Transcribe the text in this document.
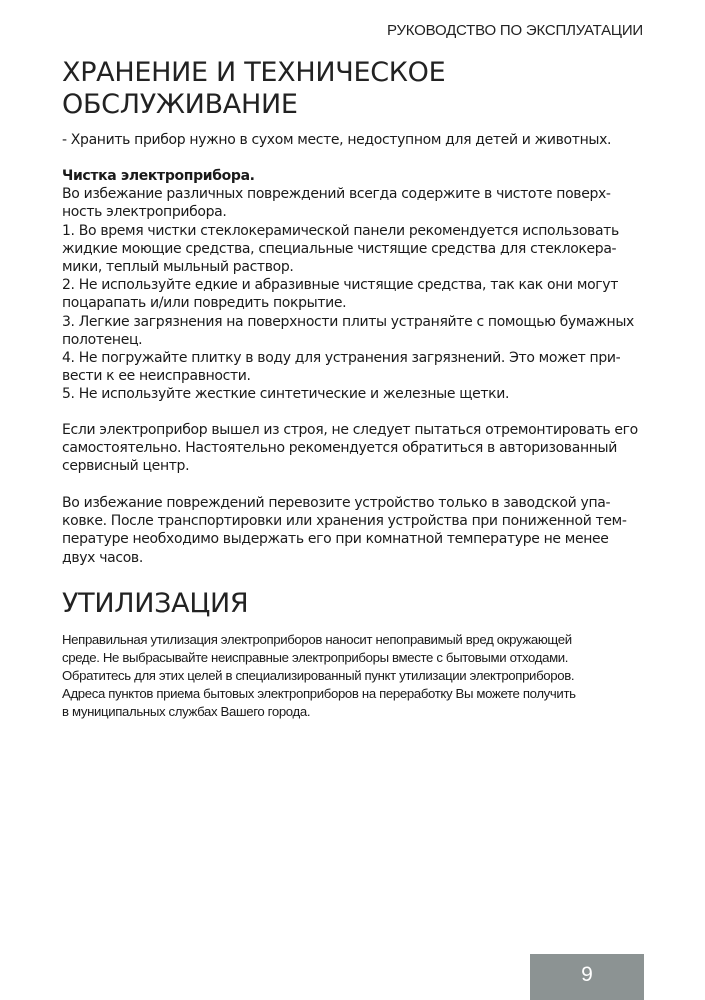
РУКОВОДСТВО ПО ЭКСПЛУАТАЦИИ
ХРАНЕНИЕ И ТЕХНИЧЕСКОЕ
ОБСЛУЖИВАНИЕ

- Хранить прибор нужно в сухом месте, недоступном для детей и животных.

Чистка электроприбора.
Во избежание различных повреждений всегда содержите в чистоте поверх-
ность электроприбора.
1. Во время чистки стеклокерамической панели рекомендуется использовать
жидкие моющие средства, специальные чистящие средства для стеклокера-
мики, теплый мыльный раствор.
2. Не используйте едкие и абразивные чистящие средства, так как они могут
поцарапать и/или повредить покрытие.
3. Легкие загрязнения на поверхности плиты устраняйте с помощью бумажных
полотенец.
4. Не погружайте плитку в воду для устранения загрязнений. Это может при-
вести к ее неисправности.
5. Не используйте жесткие синтетические и железные щетки.
Если электроприбор вышел из строя, не следует пытаться отремонтировать его
самостоятельно. Настоятельно рекомендуется обратиться в авторизованный
сервисный центр.
Во избежание повреждений перевозите устройство только в заводской упа-
ковке. После транспортировки или хранения устройства при пониженной тем-
пературе необходимо выдержать его при комнатной температуре не менее
двух часов.
УТИЛИЗАЦИЯ
Неправильная утилизация электроприборов наносит непоправимый вред окружающей
среде. Не выбрасывайте неисправные электроприборы вместе с бытовыми отходами.
Обратитесь для этих целей в специализированный пункт утилизации электроприборов.
Адреса пунктов приема бытовых электроприборов на переработку Вы можете получить
в муниципальных службах Вашего города.
9
